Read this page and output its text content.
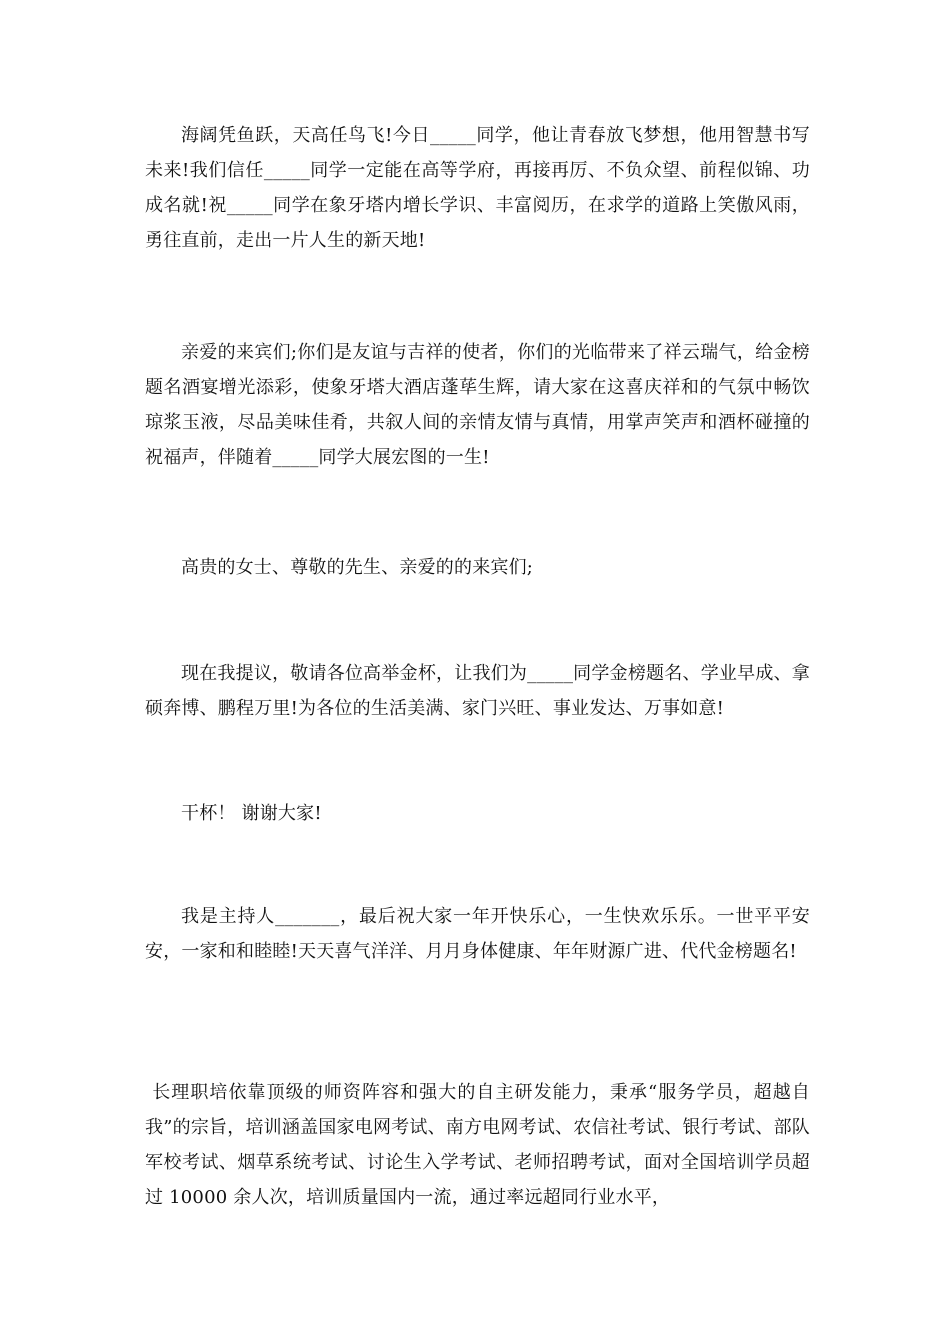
海阔凭鱼跃，天高任鸟飞!今日_____同学，他让青春放飞梦想，他用智慧书写未来!我们信任_____同学一定能在高等学府，再接再厉、不负众望、前程似锦、功成名就!祝_____同学在象牙塔内增长学识、丰富阅历，在求学的道路上笑傲风雨，勇往直前，走出一片人生的新天地!

亲爱的来宾们;你们是友谊与吉祥的使者，你们的光临带来了祥云瑞气，给金榜题名酒宴增光添彩，使象牙塔大酒店蓬荜生辉，请大家在这喜庆祥和的气氛中畅饮琼浆玉液，尽品美味佳肴，共叙人间的亲情友情与真情，用掌声笑声和酒杯碰撞的祝福声，伴随着_____同学大展宏图的一生!

高贵的女士、尊敬的先生、亲爱的的来宾们;

现在我提议，敬请各位高举金杯，让我们为_____同学金榜题名、学业早成、拿硕奔博、鹏程万里!为各位的生活美满、家门兴旺、事业发达、万事如意!

干杯！ 谢谢大家!

我是主持人_______，最后祝大家一年开快乐心，一生快欢乐乐。一世平平安安，一家和和睦睦!天天喜气洋洋、月月身体健康、年年财源广进、代代金榜题名!

长理职培依靠顶级的师资阵容和强大的自主研发能力，秉承“服务学员，超越自我”的宗旨，培训涵盖国家电网考试、南方电网考试、农信社考试、银行考试、部队军校考试、烟草系统考试、讨论生入学考试、老师招聘考试，面对全国培训学员超过 10000 余人次，培训质量国内一流，通过率远超同行业水平，
